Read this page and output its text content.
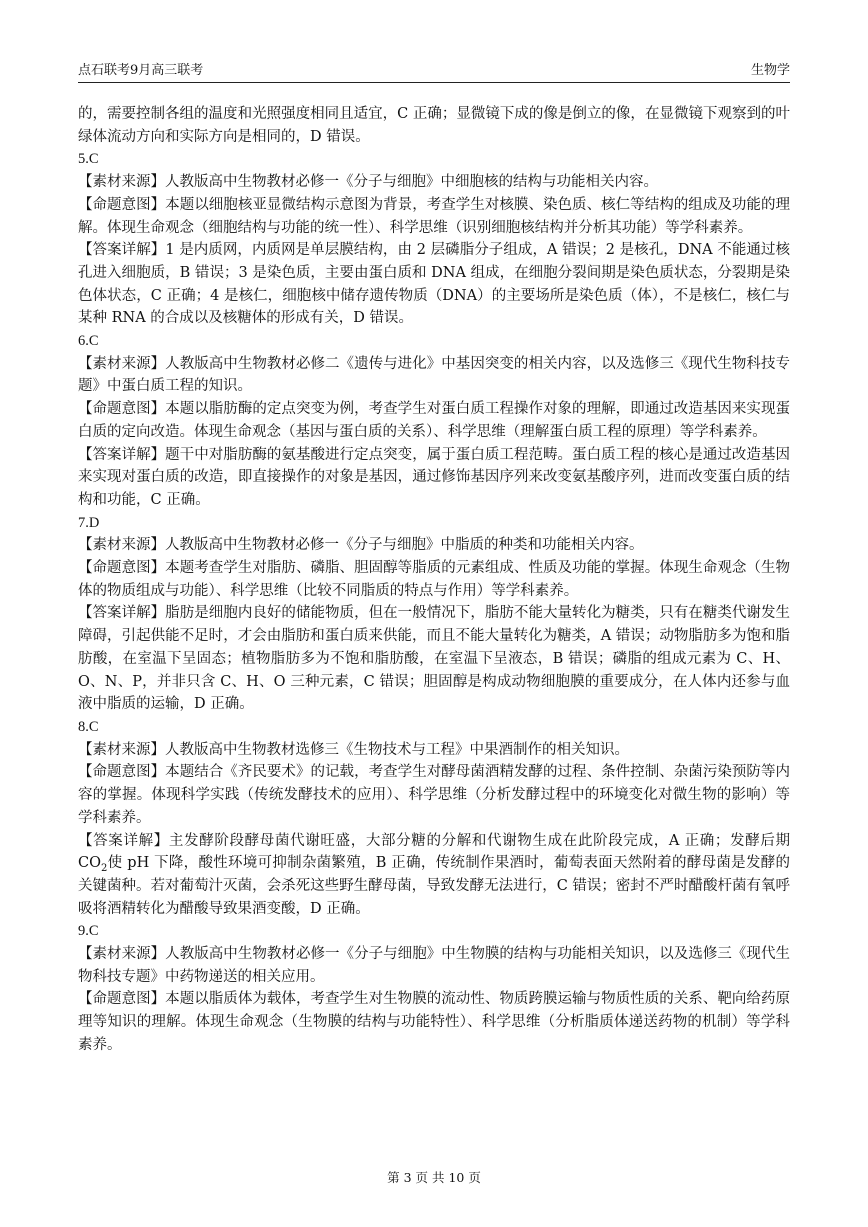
点石联考9月高三联考	生物学

的，需要控制各组的温度和光照强度相同且适宜，C 正确；显微镜下成的像是倒立的像，在显微镜下观察到的叶绿体流动方向和实际方向是相同的，D 错误。

5.C

【素材来源】人教版高中生物教材必修一《分子与细胞》中细胞核的结构与功能相关内容。

【命题意图】本题以细胞核亚显微结构示意图为背景，考查学生对核膜、染色质、核仁等结构的组成及功能的理解。体现生命观念（细胞结构与功能的统一性）、科学思维（识别细胞核结构并分析其功能）等学科素养。

【答案详解】1 是内质网，内质网是单层膜结构，由 2 层磷脂分子组成，A 错误；2 是核孔，DNA 不能通过核孔进入细胞质，B 错误；3 是染色质，主要由蛋白质和 DNA 组成，在细胞分裂间期是染色质状态，分裂期是染色体状态，C 正确；4 是核仁，细胞核中储存遗传物质（DNA）的主要场所是染色质（体），不是核仁，核仁与某种 RNA 的合成以及核糖体的形成有关，D 错误。

6.C

【素材来源】人教版高中生物教材必修二《遗传与进化》中基因突变的相关内容，以及选修三《现代生物科技专题》中蛋白质工程的知识。

【命题意图】本题以脂肪酶的定点突变为例，考查学生对蛋白质工程操作对象的理解，即通过改造基因来实现蛋白质的定向改造。体现生命观念（基因与蛋白质的关系）、科学思维（理解蛋白质工程的原理）等学科素养。

【答案详解】题干中对脂肪酶的氨基酸进行定点突变，属于蛋白质工程范畴。蛋白质工程的核心是通过改造基因来实现对蛋白质的改造，即直接操作的对象是基因，通过修饰基因序列来改变氨基酸序列，进而改变蛋白质的结构和功能，C 正确。

7.D

【素材来源】人教版高中生物教材必修一《分子与细胞》中脂质的种类和功能相关内容。

【命题意图】本题考查学生对脂肪、磷脂、胆固醇等脂质的元素组成、性质及功能的掌握。体现生命观念（生物体的物质组成与功能）、科学思维（比较不同脂质的特点与作用）等学科素养。

【答案详解】脂肪是细胞内良好的储能物质，但在一般情况下，脂肪不能大量转化为糖类，只有在糖类代谢发生障碍，引起供能不足时，才会由脂肪和蛋白质来供能，而且不能大量转化为糖类，A 错误；动物脂肪多为饱和脂肪酸，在室温下呈固态；植物脂肪多为不饱和脂肪酸，在室温下呈液态，B 错误；磷脂的组成元素为 C、H、O、N、P，并非只含 C、H、O 三种元素，C 错误；胆固醇是构成动物细胞膜的重要成分，在人体内还参与血液中脂质的运输，D 正确。

8.C

【素材来源】人教版高中生物教材选修三《生物技术与工程》中果酒制作的相关知识。

【命题意图】本题结合《齐民要术》的记载，考查学生对酵母菌酒精发酵的过程、条件控制、杂菌污染预防等内容的掌握。体现科学实践（传统发酵技术的应用）、科学思维（分析发酵过程中的环境变化对微生物的影响）等学科素养。

【答案详解】主发酵阶段酵母菌代谢旺盛，大部分糖的分解和代谢物生成在此阶段完成，A 正确；发酵后期 $CO_2$使 pH 下降，酸性环境可抑制杂菌繁殖，B 正确，传统制作果酒时，葡萄表面天然附着的酵母菌是发酵的关键菌种。若对葡萄汁灭菌，会杀死这些野生酵母菌，导致发酵无法进行，C 错误；密封不严时醋酸杆菌有氧呼吸将酒精转化为醋酸导致果酒变酸，D 正确。

9.C

【素材来源】人教版高中生物教材必修一《分子与细胞》中生物膜的结构与功能相关知识，以及选修三《现代生物科技专题》中药物递送的相关应用。

【命题意图】本题以脂质体为载体，考查学生对生物膜的流动性、物质跨膜运输与物质性质的关系、靶向给药原理等知识的理解。体现生命观念（生物膜的结构与功能特性）、科学思维（分析脂质体递送药物的机制）等学科素养。

第 3 页 共 10 页
